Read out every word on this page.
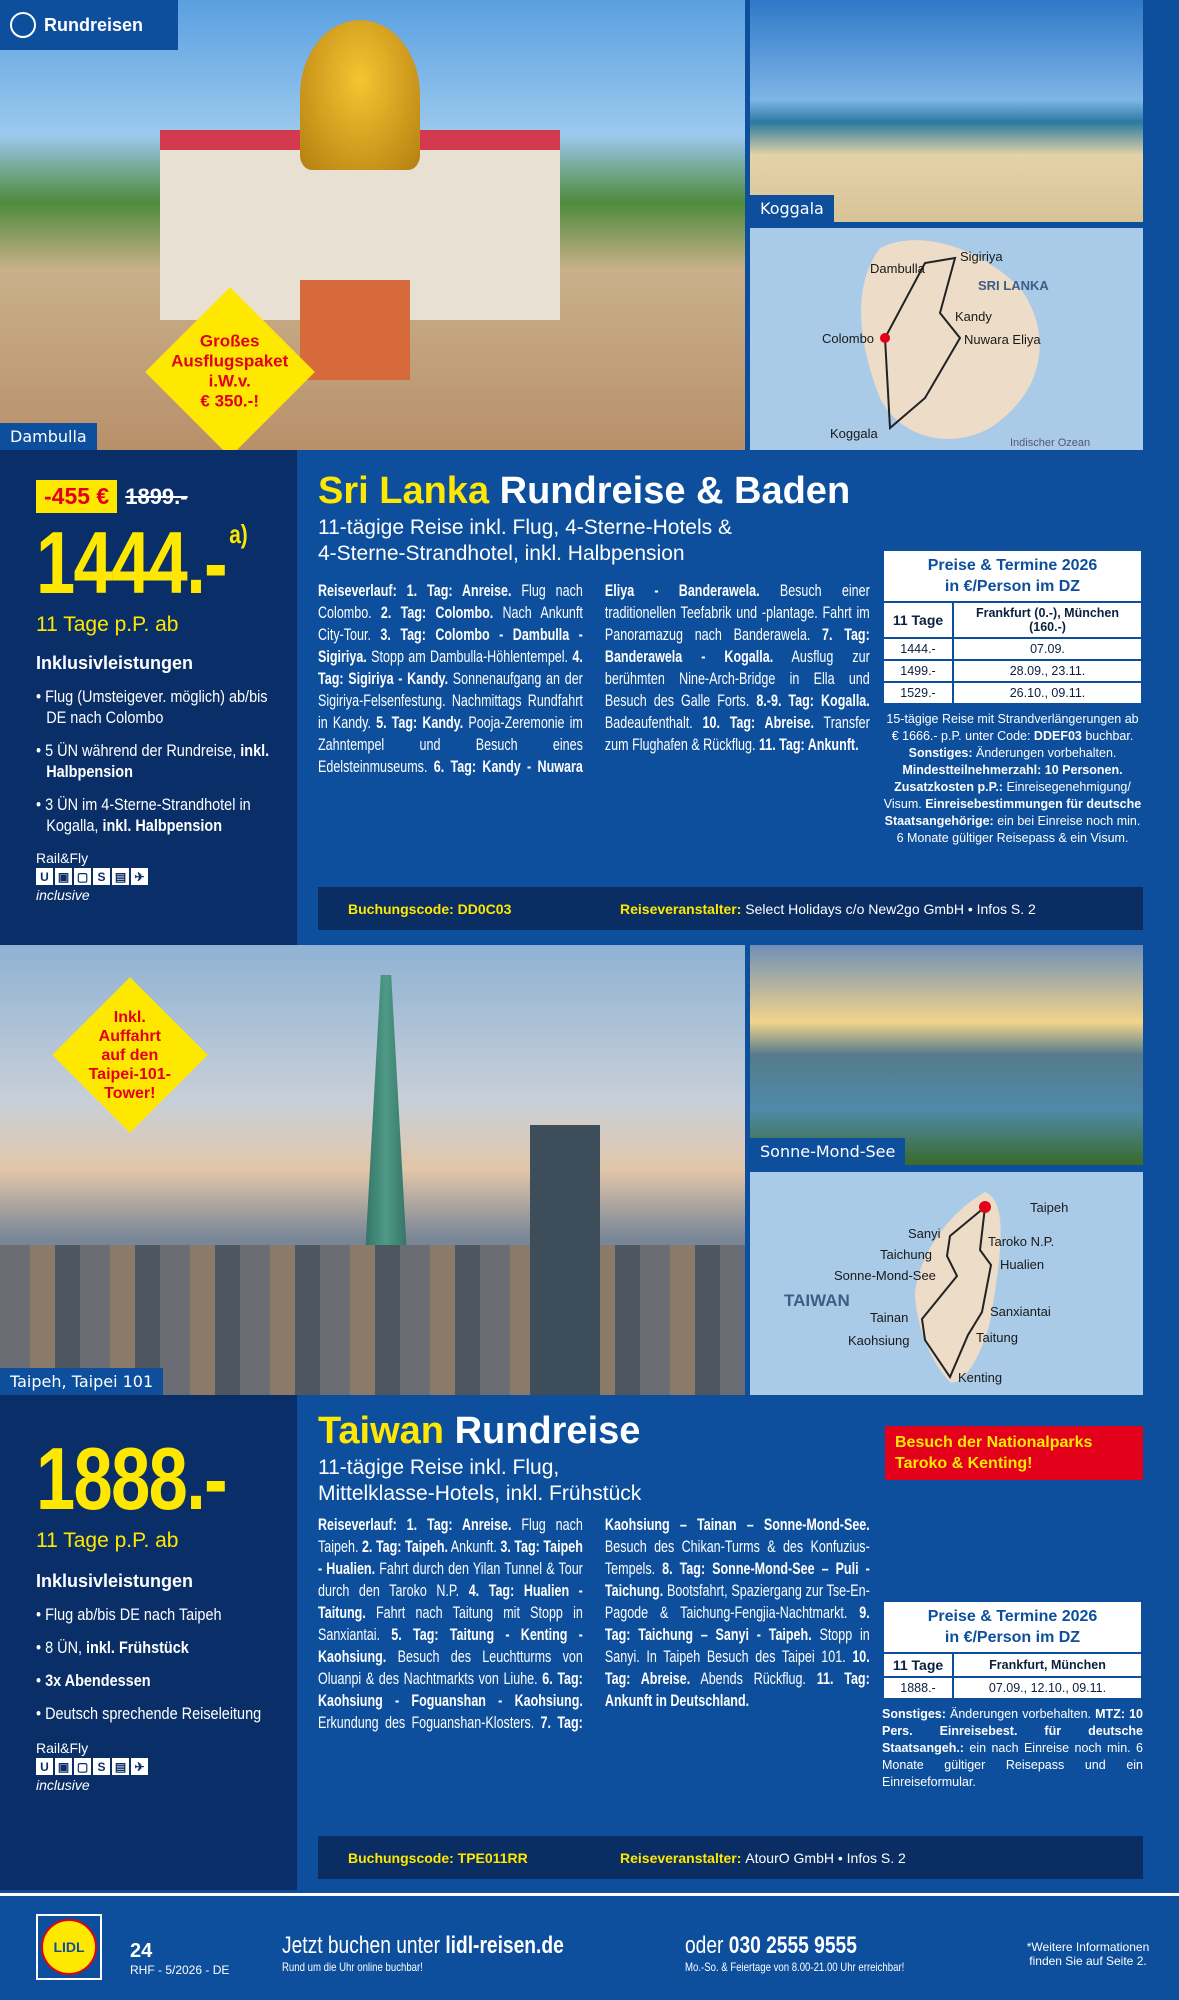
Dambulla
Rundreisen
Großes
Ausflugspaket
i.W.v.
€ 350.-!
Koggala
Dambulla
Sigiriya
Kandy
Nuwara Eliya
Colombo
Koggala
SRI LANKA
Indischer Ozean
-455 € 1899.-
1444.- a)
11 Tage p.P. ab
Inklusivleistungen
• Flug (Umsteigever. möglich) ab/bis DE nach Colombo
• 5 ÜN während der Rundreise, inkl. Halbpension
• 3 ÜN im 4-Sterne-Strandhotel in Kogalla, inkl. Halbpension
Rail&Fly
U ▣ ▢ S ▤ ✈
inclusive
Sri Lanka Rundreise & Baden
11-tägige Reise inkl. Flug, 4-Sterne-Hotels &
4-Sterne-Strandhotel, inkl. Halbpension
Reiseverlauf: 1. Tag: Anreise. Flug nach Colombo. 2. Tag: Colombo. Nach Ankunft City-Tour. 3. Tag: Colombo - Dambulla - Sigiriya. Stopp am Dambulla-Höhlentempel. 4. Tag: Sigiriya - Kandy. Sonnenaufgang an der Sigiriya-Felsenfestung. Nachmittags Rundfahrt in Kandy. 5. Tag: Kandy. Pooja-Zeremonie im Zahntempel und Besuch eines Edelsteinmuseums. 6. Tag: Kandy - Nuwara Eliya - Banderawela. Besuch einer traditionellen Teefabrik und -plantage. Fahrt im Panoramazug nach Banderawela. 7. Tag: Banderawela - Kogalla. Ausflug zur berühmten Nine-Arch-Bridge in Ella und Besuch des Galle Forts. 8.-9. Tag: Kogalla. Badeaufenthalt. 10. Tag: Abreise. Transfer zum Flughafen & Rückflug. 11. Tag: Ankunft.
Preise & Termine 2026
in €/Person im DZ	

11 Tage	Frankfurt (0.-), München (160.-)
1444.-	07.09.
1499.-	28.09., 23.11.
1529.-	26.10., 09.11.
15-tägige Reise mit Strandverlängerungen ab € 1666.- p.P. unter Code: DDEF03 buchbar. Sonstiges: Änderungen vorbehalten. Mindestteilnehmerzahl: 10 Personen. Zusatzkosten p.P.: Einreisegenehmigung/ Visum. Einreisebestimmungen für deutsche Staatsangehörige: ein bei Einreise noch min. 6 Monate gültiger Reisepass & ein Visum.
Buchungscode: DD0C03	Reiseveranstalter:
Select Holidays c/o New2go GmbH • Infos S. 2
Taipeh, Taipei 101
Inkl.
Auffahrt
auf den
Taipei-101-
Tower!
Sonne-Mond-See
Taipeh
Sanyi
Taichung
Sonne-Mond-See
Taroko N.P.
Hualien
Sanxiantai
Tainan
Kaohsiung	Taitung
Kenting
TAIWAN
1888.-
11 Tage p.P. ab
Inklusivleistungen
• Flug ab/bis DE nach Taipeh
• 8 ÜN, inkl. Frühstück
• 3x Abendessen
• Deutsch sprechende Reiseleitung
Rail&Fly
U ▣ ▢ S ▤ ✈
inclusive
Taiwan Rundreise
11-tägige Reise inkl. Flug,
Mittelklasse-Hotels, inkl. Frühstück
Reiseverlauf: 1. Tag: Anreise. Flug nach Taipeh. 2. Tag: Taipeh. Ankunft. 3. Tag: Taipeh - Hualien. Fahrt durch den Yilan Tunnel & Tour durch den Taroko N.P. 4. Tag: Hualien - Taitung. Fahrt nach Taitung mit Stopp in Sanxiantai. 5. Tag: Taitung - Kenting - Kaohsiung. Besuch des Leuchtturms von Oluanpi & des Nachtmarkts von Liuhe. 6. Tag: Kaohsiung - Foguanshan - Kaohsiung. Erkundung des Foguanshan-Klosters. 7. Tag: Kaohsiung – Tainan – Sonne-Mond-See. Besuch des Chikan-Turms & des Konfuzius-Tempels. 8. Tag: Sonne-Mond-See – Puli - Taichung. Bootsfahrt, Spaziergang zur Tse-En-Pagode & Taichung-Fengjia-Nachtmarkt. 9. Tag: Taichung – Sanyi - Taipeh. Stopp in Sanyi. In Taipeh Besuch des Taipei 101. 10. Tag: Abreise. Abends Rückflug. 11. Tag: Ankunft in Deutschland.
Besuch der Nationalparks
Taroko & Kenting!
Preise & Termine 2026
in €/Person im DZ	

11 Tage	Frankfurt, München
1888.-	07.09., 12.10., 09.11.
Sonstiges: Änderungen vorbehalten. MTZ: 10 Pers. Einreisebest. für deutsche Staatsangeh.: ein nach Einreise noch min. 6 Monate gültiger Reisepass und ein Einreiseformular.
Buchungscode: TPE011RR	Reiseveranstalter:
AtourO GmbH • Infos S. 2
LIDL	24
RHF - 5/2026 - DE
Jetzt buchen unter lidl-reisen.de
Rund um die Uhr online buchbar!
oder 030 2555 9555
Mo.-So. & Feiertage von 8.00-21.00 Uhr erreichbar!
*Weitere Informationen finden Sie auf Seite 2.
